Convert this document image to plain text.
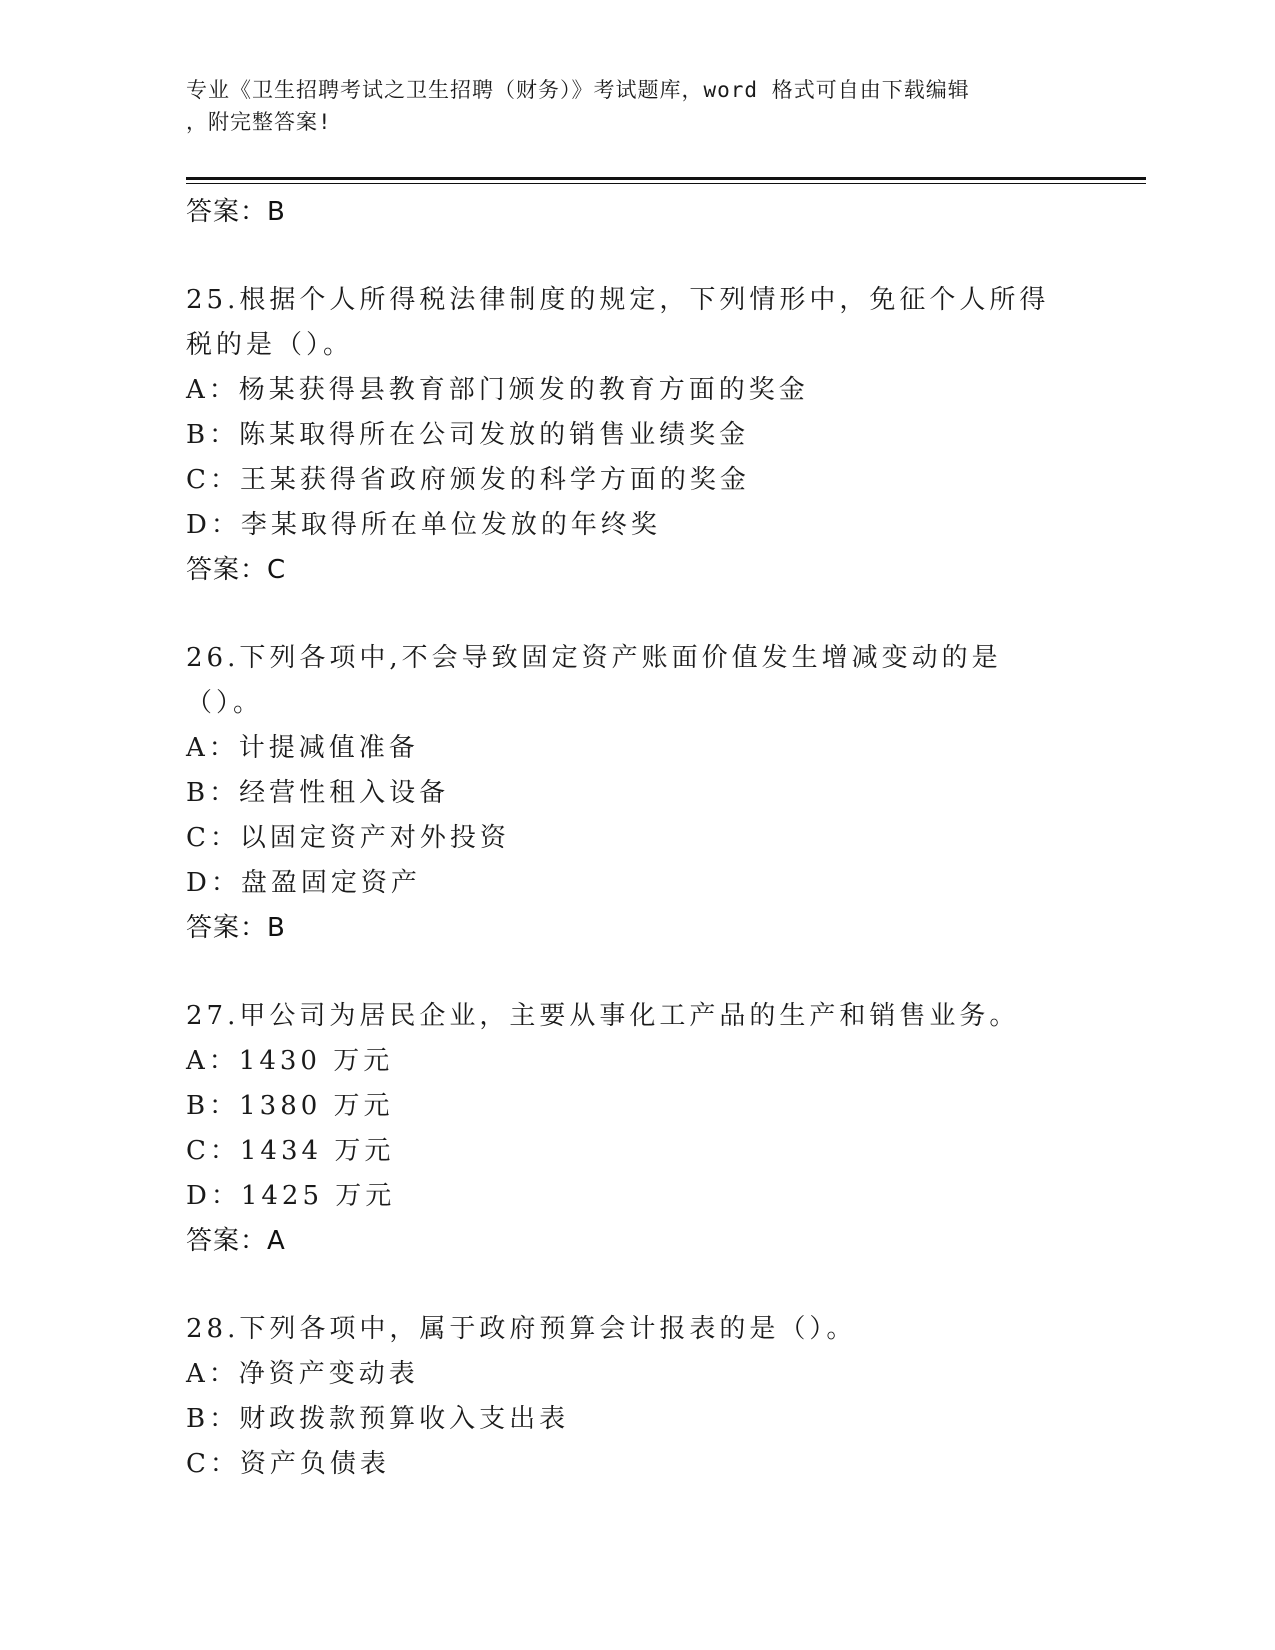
专业《卫生招聘考试之卫生招聘（财务）》考试题库，word 格式可自由下载编辑
，附完整答案!
答案：B
25.根据个人所得税法律制度的规定，下列情形中，免征个人所得税的是（）。
A：杨某获得县教育部门颁发的教育方面的奖金
B：陈某取得所在公司发放的销售业绩奖金
C：王某获得省政府颁发的科学方面的奖金
D：李某取得所在单位发放的年终奖
答案：C
26.下列各项中,不会导致固定资产账面价值发生增减变动的是（）。
A：计提减值准备
B：经营性租入设备
C：以固定资产对外投资
D：盘盈固定资产
答案：B
27.甲公司为居民企业，主要从事化工产品的生产和销售业务。
A：1430 万元
B：1380 万元
C：1434 万元
D：1425 万元
答案：A
28.下列各项中，属于政府预算会计报表的是（）。
A：净资产变动表
B：财政拨款预算收入支出表
C：资产负债表
